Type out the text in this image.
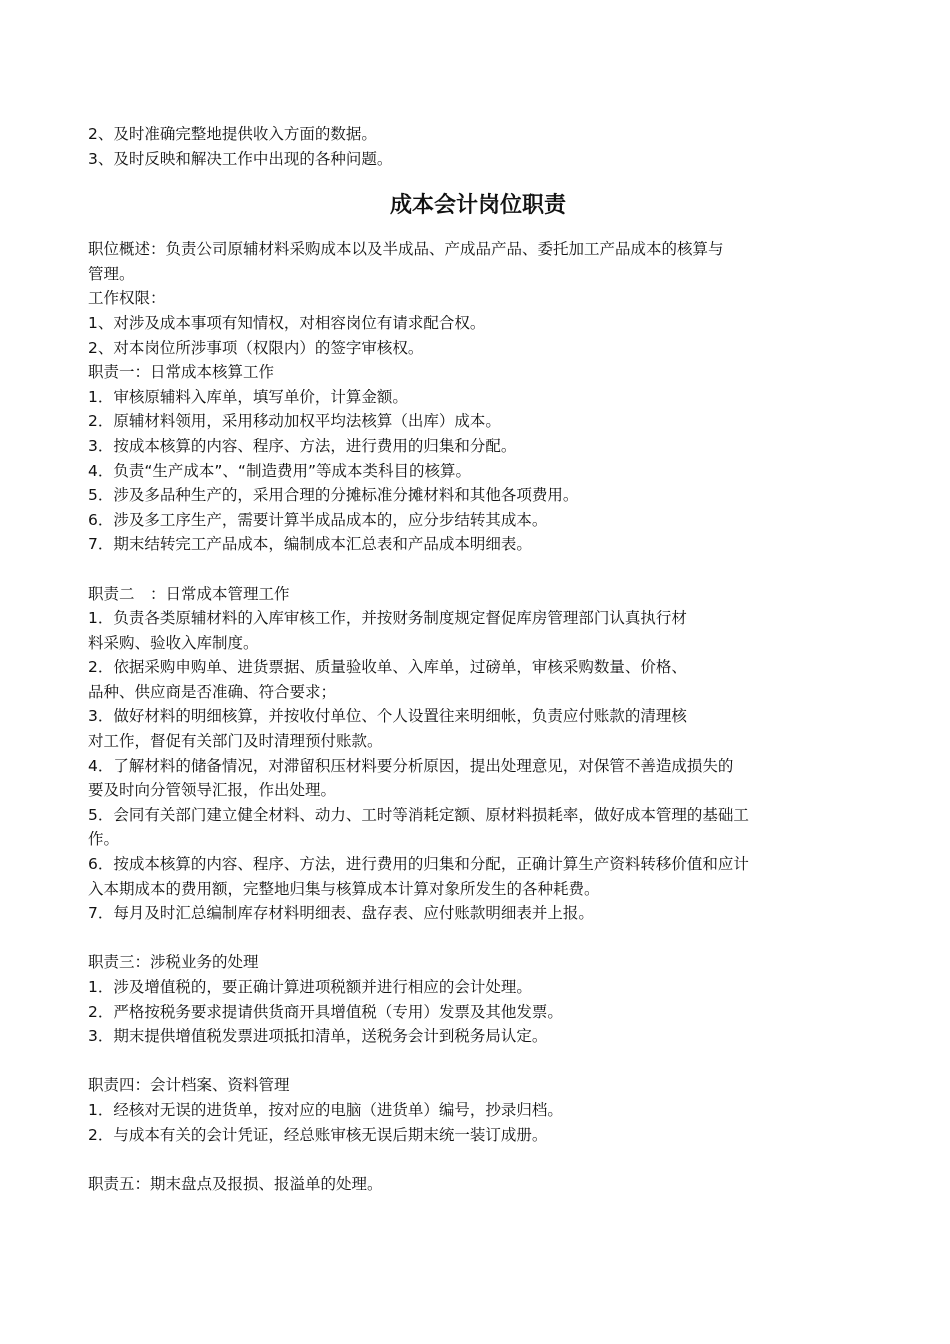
2、及时准确完整地提供收入方面的数据。
3、及时反映和解决工作中出现的各种问题。
成本会计岗位职责
职位概述：负责公司原辅材料采购成本以及半成品、产成品产品、委托加工产品成本的核算与
管理。
工作权限：
1、对涉及成本事项有知情权，对相容岗位有请求配合权。
2、对本岗位所涉事项（权限内）的签字审核权。
职责一：日常成本核算工作
1．审核原辅料入库单，填写单价，计算金额。
2．原辅材料领用，采用移动加权平均法核算（出库）成本。
3．按成本核算的内容、程序、方法，进行费用的归集和分配。
4．负责“生产成本”、“制造费用”等成本类科目的核算。
5．涉及多品种生产的，采用合理的分摊标准分摊材料和其他各项费用。
6．涉及多工序生产，需要计算半成品成本的，应分步结转其成本。
7．期末结转完工产品成本，编制成本汇总表和产品成本明细表。
职责二　：日常成本管理工作
1．负责各类原辅材料的入库审核工作，并按财务制度规定督促库房管理部门认真执行材
料采购、验收入库制度。
2．依据采购申购单、进货票据、质量验收单、入库单，过磅单，审核采购数量、价格、
品种、供应商是否准确、符合要求；
3．做好材料的明细核算，并按收付单位、个人设置往来明细帐，负责应付账款的清理核
对工作，督促有关部门及时清理预付账款。
4．了解材料的储备情况，对滞留积压材料要分析原因，提出处理意见，对保管不善造成损失的
要及时向分管领导汇报，作出处理。
5．会同有关部门建立健全材料、动力、工时等消耗定额、原材料损耗率，做好成本管理的基础工
作。
6．按成本核算的内容、程序、方法，进行费用的归集和分配，正确计算生产资料转移价值和应计
入本期成本的费用额，完整地归集与核算成本计算对象所发生的各种耗费。
7．每月及时汇总编制库存材料明细表、盘存表、应付账款明细表并上报。
职责三：涉税业务的处理
1．涉及增值税的，要正确计算进项税额并进行相应的会计处理。
2．严格按税务要求提请供货商开具增值税（专用）发票及其他发票。
3．期末提供增值税发票进项抵扣清单，送税务会计到税务局认定。
职责四：会计档案、资料管理
1．经核对无误的进货单，按对应的电脑（进货单）编号，抄录归档。
2．与成本有关的会计凭证，经总账审核无误后期末统一装订成册。
职责五：期末盘点及报损、报溢单的处理。
